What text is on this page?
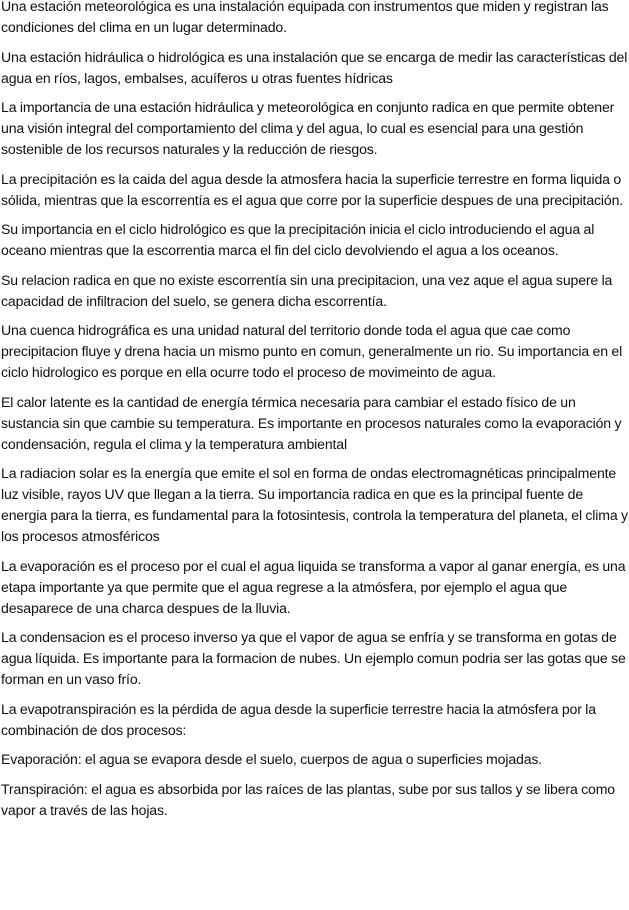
Una estación meteorológica es una instalación equipada con instrumentos que miden y registran las condiciones del clima en un lugar determinado.

Una estación hidráulica o hidrológica es una instalación que se encarga de medir las características del agua en ríos, lagos, embalses, acuíferos u otras fuentes hídricas

La importancia de una estación hidráulica y meteorológica en conjunto radica en que permite obtener una visión integral del comportamiento del clima y del agua, lo cual es esencial para una gestión sostenible de los recursos naturales y la reducción de riesgos.

La precipitación es la caida del agua desde la atmosfera hacia la superficie terrestre en forma liquida o sólida, mientras que la escorrentía es el agua que corre por la superficie despues de una precipitación.

Su importancia en el ciclo hidrológico es que la precipitación inicia el ciclo introduciendo el agua al oceano mientras que la escorrentia marca el fin del ciclo devolviendo el agua a los oceanos.

Su relacion radica en que no existe escorrentía sin una precipitacion, una vez aque el agua supere la capacidad de infiltracion del suelo, se genera dicha escorrentía.

Una cuenca hidrográfica es una unidad natural del territorio donde toda el agua que cae como precipitacion fluye y drena hacia un mismo punto en comun, generalmente un rio. Su importancia en el ciclo hidrologico es porque en ella ocurre todo el proceso de movimeinto de agua.

El calor latente es la cantidad de energía térmica necesaria para cambiar el estado físico de un sustancia sin que cambie su temperatura. Es importante en procesos naturales como la evaporación y condensación, regula el clima y la temperatura ambiental

La radiacion solar es la energía que emite el sol en forma de ondas electromagnéticas principalmente luz visible, rayos UV que llegan a la tierra. Su importancia radica en que es la principal fuente de energia para la tierra, es fundamental para la fotosintesis, controla la temperatura del planeta, el clima y los procesos atmosféricos

La evaporación es el proceso por el cual el agua liquida se transforma a vapor al ganar energía, es una etapa importante ya que permite que el agua regrese a la atmósfera, por ejemplo el agua que desaparece de una charca despues de la lluvia.

La condensacion es el proceso inverso ya que el vapor de agua se enfría y se transforma en gotas de agua líquida. Es importante para la formacion de nubes. Un ejemplo comun podria ser las gotas que se forman en un vaso frío.

La evapotranspiración es la pérdida de agua desde la superficie terrestre hacia la atmósfera por la combinación de dos procesos:

Evaporación: el agua se evapora desde el suelo, cuerpos de agua o superficies mojadas.

Transpiración: el agua es absorbida por las raíces de las plantas, sube por sus tallos y se libera como vapor a través de las hojas.
